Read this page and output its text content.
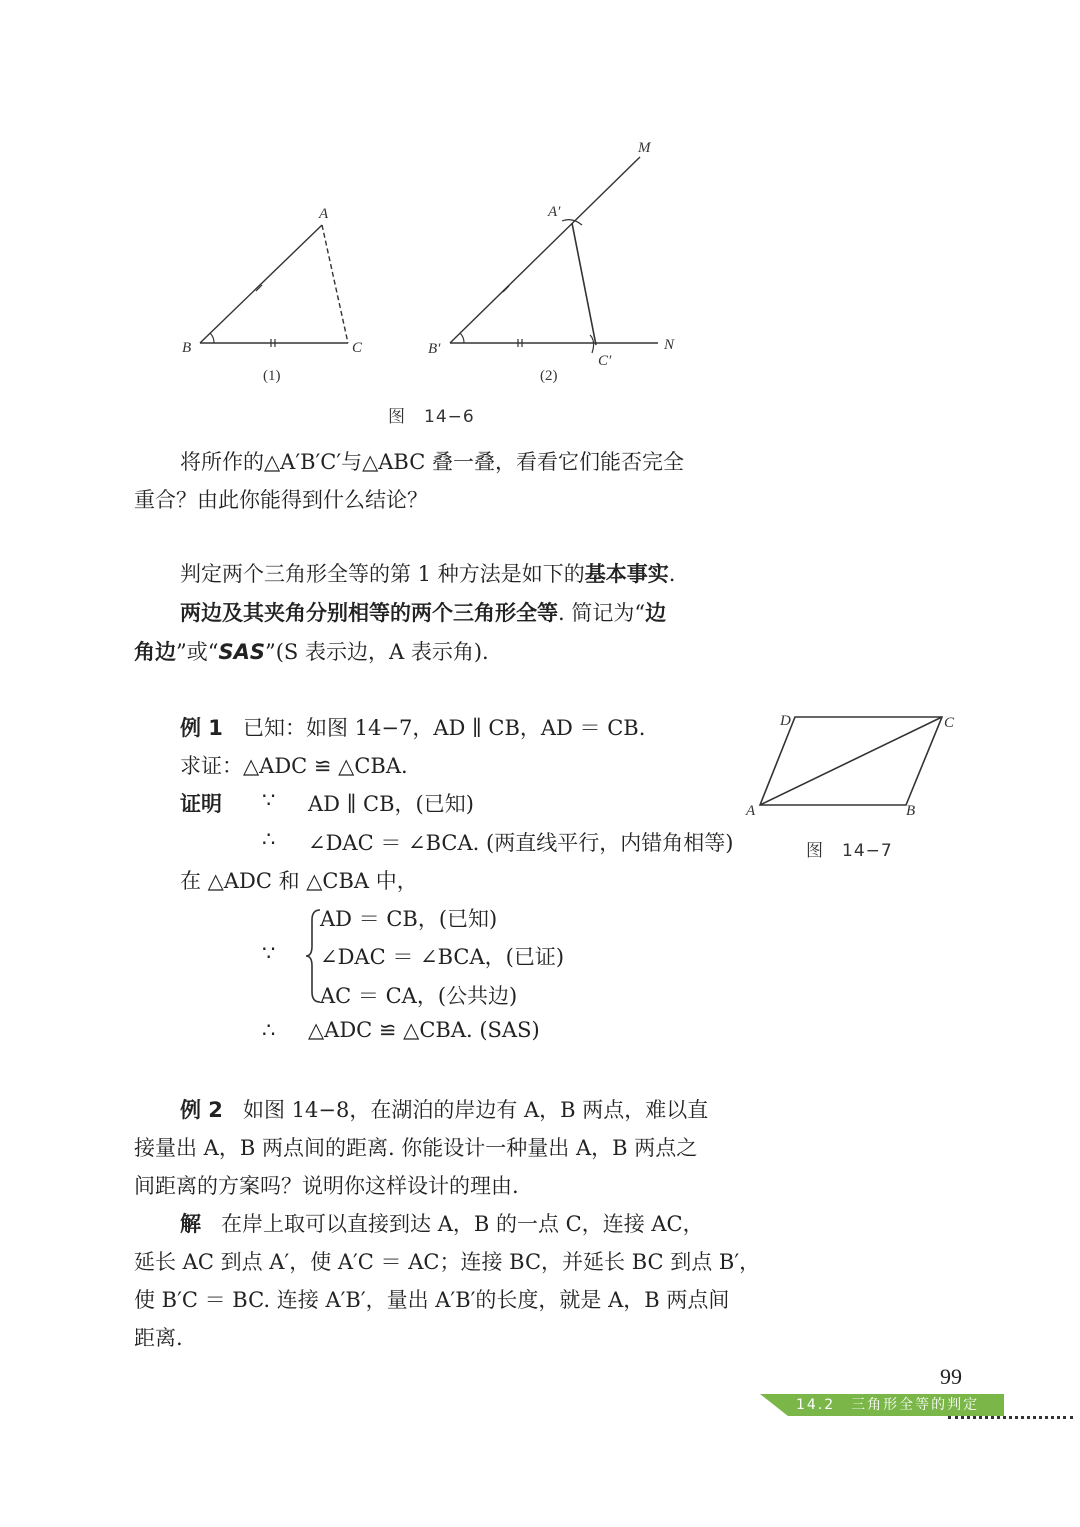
A
B	C
(1)
M
A′
B′
C′
N
(2)
图　14−6
将所作的△A′B′C′与△ABC 叠一叠，看看它们能否完全
重合？由此你能得到什么结论？
判定两个三角形全等的第 1 种方法是如下的基本事实.
两边及其夹角分别相等的两个三角形全等. 简记为“边
角边”或“SAS”(S 表示边，A 表示角).
D	C
A	B
图　14−7
例 1 已知：如图 14−7，AD ∥ CB，AD ＝ CB.
求证：△ADC ≌ △CBA.
证明 ∵ AD ∥ CB，(已知)
∴ ∠DAC ＝ ∠BCA. (两直线平行，内错角相等)
在 △ADC 和 △CBA 中，
∵
AD ＝ CB，(已知)
∠DAC ＝ ∠BCA，(已证)
AC ＝ CA，(公共边)
∴ △ADC ≌ △CBA. (SAS)
例 2 如图 14−8，在湖泊的岸边有 A，B 两点，难以直
接量出 A，B 两点间的距离. 你能设计一种量出 A，B 两点之
间距离的方案吗？说明你这样设计的理由.
解 在岸上取可以直接到达 A，B 的一点 C，连接 AC，
延长 AC 到点 A′，使 A′C ＝ AC；连接 BC，并延长 BC 到点 B′，
使 B′C ＝ BC. 连接 A′B′，量出 A′B′的长度，就是 A，B 两点间
距离.
99
14.2　三角形全等的判定
